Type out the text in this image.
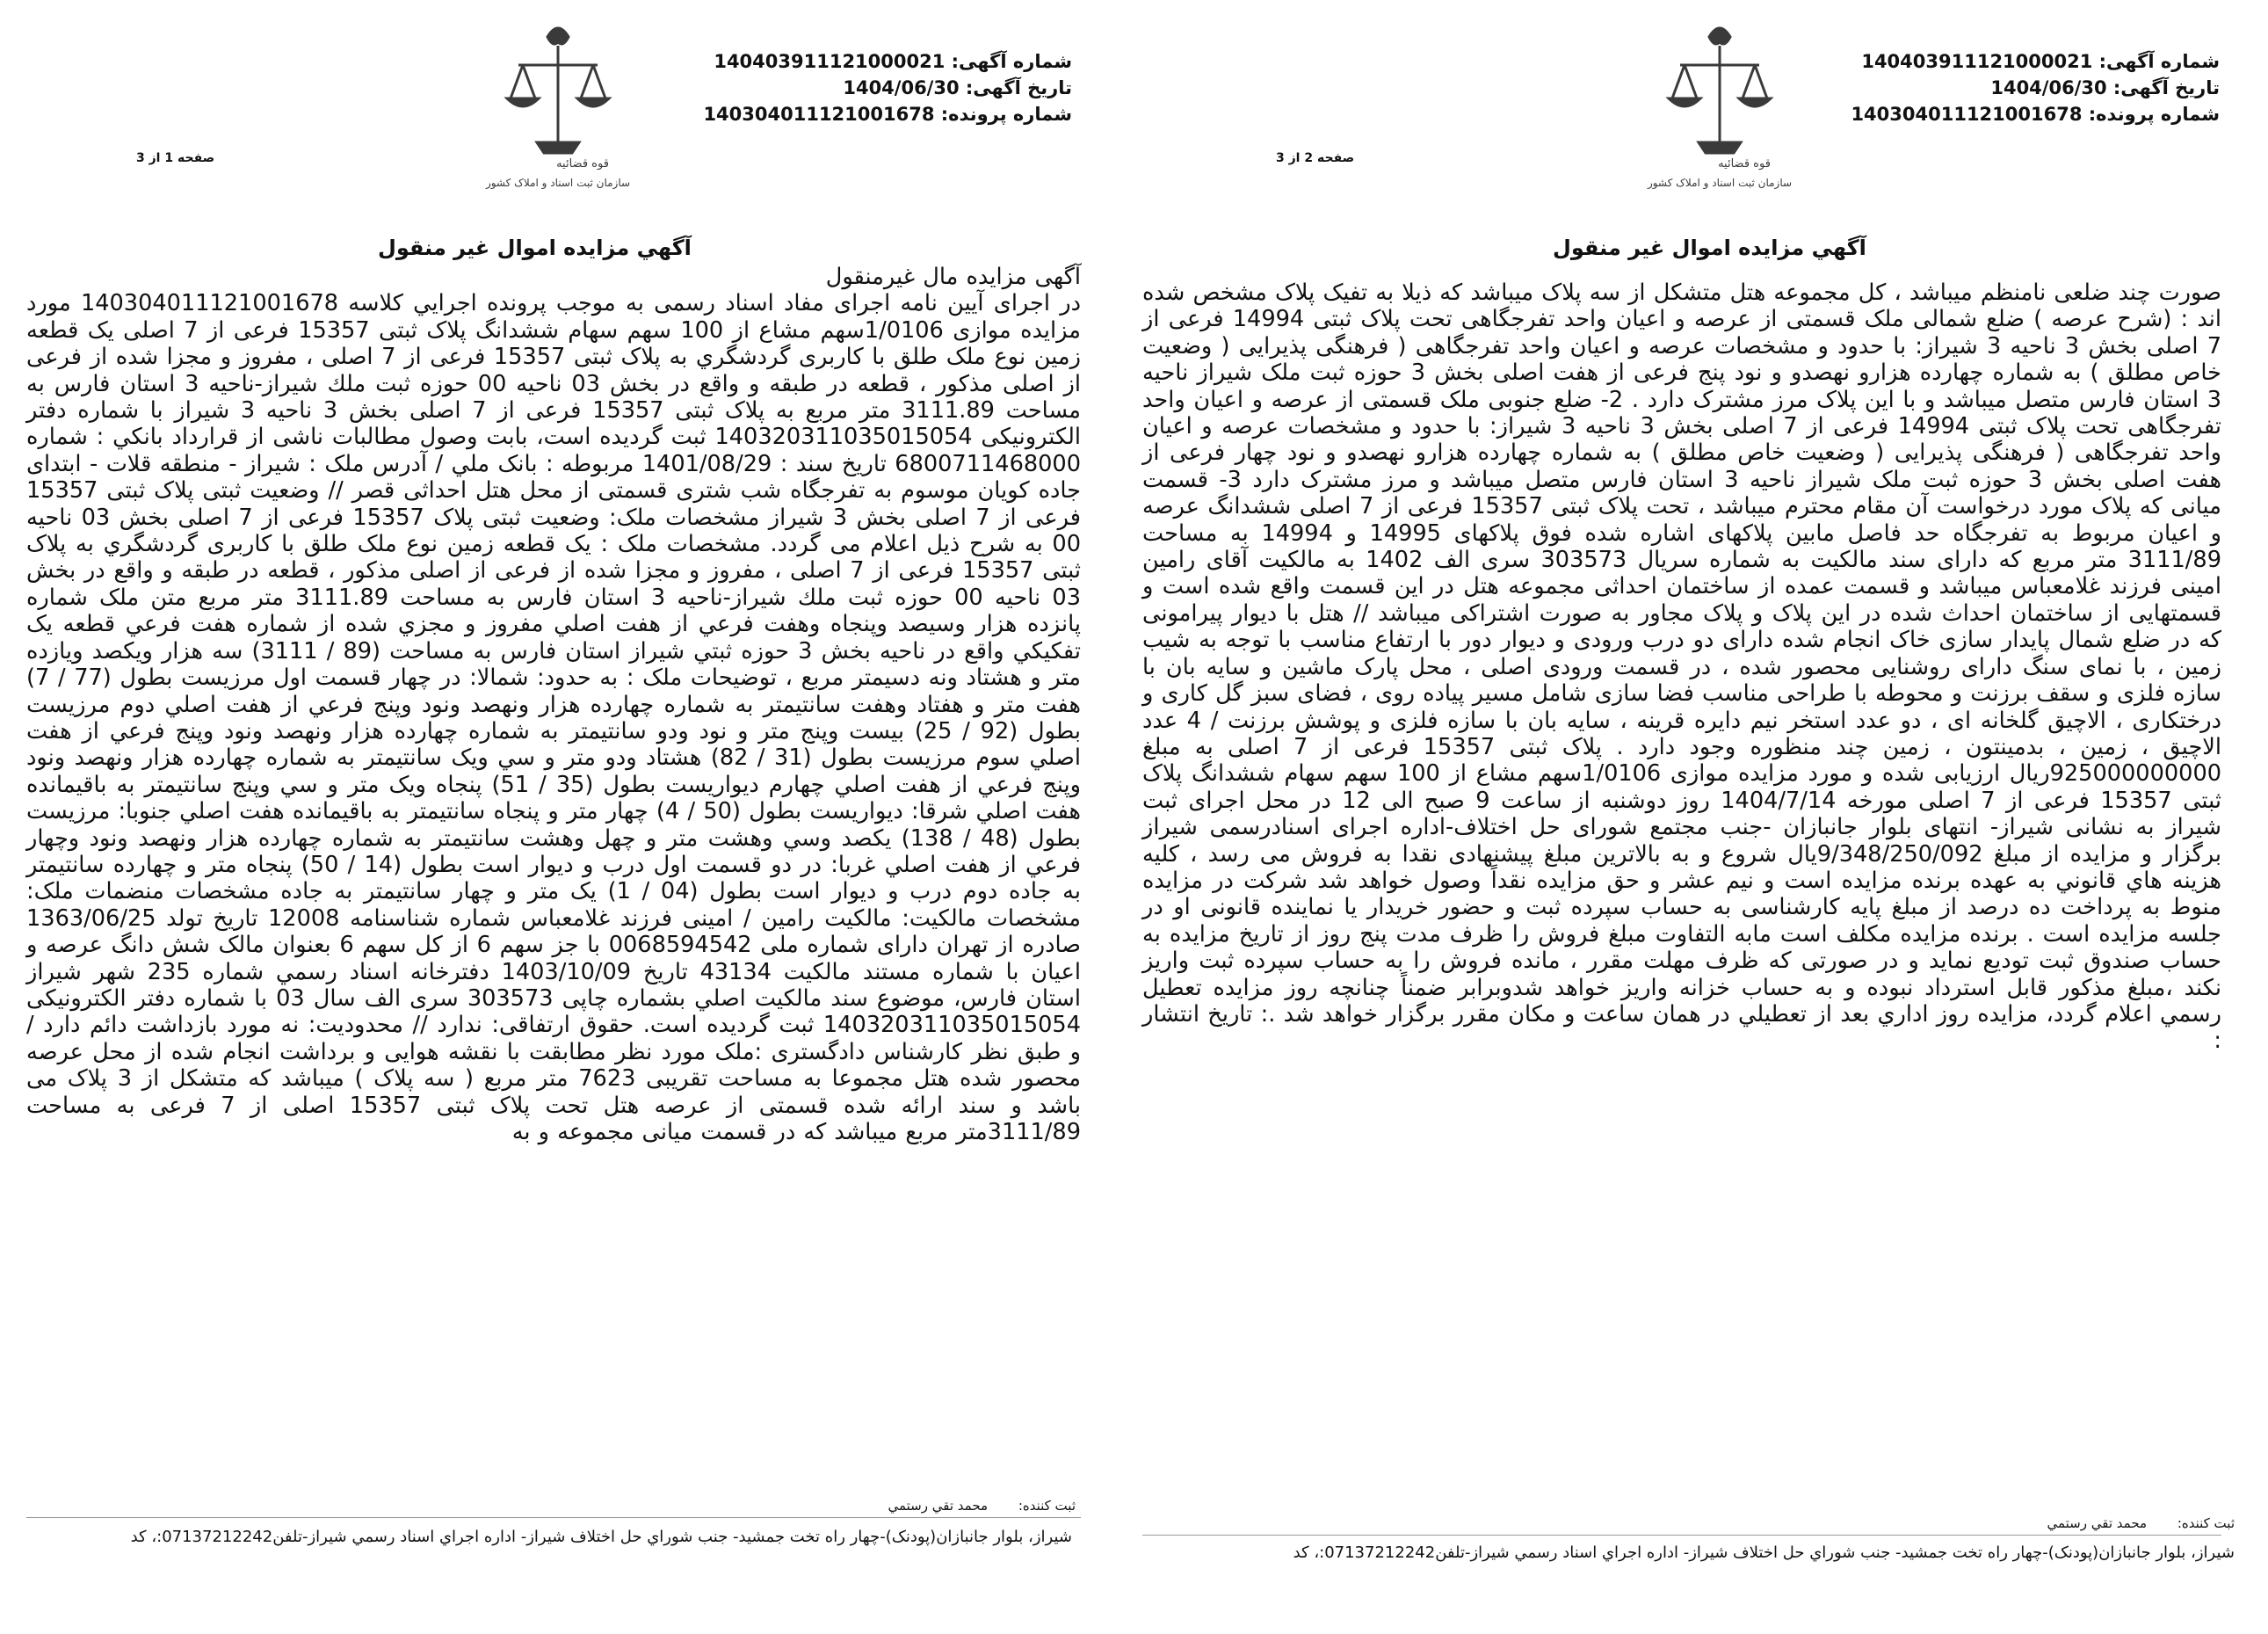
شماره آگهی: 140403911121000021
تاریخ آگهی: 1404/06/30
شماره پرونده: 140304011121001678
قوه قضائیه
سازمان ثبت اسناد و املاک کشور
صفحه 1 از 3
آگهي مزايده اموال غير منقول
آگهی مزایده مال غیرمنقول
در اجرای آیین نامه اجرای مفاد اسناد رسمی به موجب پرونده اجرايي کلاسه 140304011121001678 مورد مزایده موازی 1/0106سهم مشاع از 100 سهم سهام ششدانگ پلاک ثبتی 15357 فرعی از 7 اصلی یک قطعه زمین نوع ملک طلق با کاربری گردشگري به پلاک ثبتی 15357 فرعی از 7 اصلی ، مفروز و مجزا شده از فرعی از اصلی مذکور ، قطعه در طبقه و واقع در بخش 03 ناحیه 00 حوزه ثبت ملك شيراز-ناحيه 3 استان فارس به مساحت 3111.89 متر مربع به پلاک ثبتی 15357 فرعی از 7 اصلی بخش 3 ناحیه 3 شیراز با شماره دفتر الکترونیکی 140320311035015054 ثبت گردیده است، بابت وصول مطالبات ناشی از قرارداد بانکي : شماره 6800711468000 تاریخ سند : 1401/08/29 مربوطه : بانک ملي / آدرس ملک : شیراز - منطقه قلات - ابتدای جاده کویان موسوم به تفرجگاه شب شتری قسمتی از محل هتل احداثی قصر // وضعیت ثبتی پلاک ثبتی 15357 فرعی از 7 اصلی بخش 3 شیراز مشخصات ملک: وضعیت ثبتی پلاک 15357 فرعی از 7 اصلی بخش 03 ناحیه 00 به شرح ذیل اعلام می گردد. مشخصات ملک : یک قطعه زمین نوع ملک طلق با کاربری گردشگري به پلاک ثبتی 15357 فرعی از 7 اصلی ، مفروز و مجزا شده از فرعی از اصلی مذکور ، قطعه در طبقه و واقع در بخش 03 ناحیه 00 حوزه ثبت ملك شيراز-ناحيه 3 استان فارس به مساحت 3111.89 متر مربع متن ملک شماره پانزده هزار وسیصد وپنجاه وهفت فرعي از هفت اصلي مفروز و مجزي شده از شماره هفت فرعي قطعه يک تفکيکي واقع در ناحيه بخش 3 حوزه ثبتي شيراز استان فارس به مساحت (89 / 3111) سه هزار ويکصد ويازده متر و هشتاد ونه دسيمتر مربع ، توضیحات ملک : به حدود: شمالا: در چهار قسمت اول مرزيست بطول (77 / 7) هفت متر و هفتاد وهفت سانتيمتر به شماره چهارده هزار ونهصد ونود وپنج فرعي از هفت اصلي دوم مرزيست بطول (92 / 25) بيست وپنج متر و نود ودو سانتيمتر به شماره چهارده هزار ونهصد ونود وپنج فرعي از هفت اصلي سوم مرزيست بطول (31 / 82) هشتاد ودو متر و سي ويک سانتيمتر به شماره چهارده هزار ونهصد ونود وپنج فرعي از هفت اصلي چهارم ديواريست بطول (35 / 51) پنجاه ويک متر و سي وپنج سانتيمتر به باقيمانده هفت اصلي شرقا: ديواريست بطول (50 / 4) چهار متر و پنجاه سانتيمتر به باقيمانده هفت اصلي جنوبا: مرزيست بطول (48 / 138) يکصد وسي وهشت متر و چهل وهشت سانتيمتر به شماره چهارده هزار ونهصد ونود وچهار فرعي از هفت اصلي غربا: در دو قسمت اول درب و ديوار است بطول (14 / 50) پنجاه متر و چهارده سانتيمتر به جاده دوم درب و ديوار است بطول (04 / 1) يک متر و چهار سانتيمتر به جاده مشخصات منضمات ملک: مشخصات مالکیت: مالکیت رامین / امینی فرزند غلامعباس شماره شناسنامه 12008 تاریخ تولد 1363/06/25 صادره از تهران دارای شماره ملی 0068594542 با جز سهم 6 از کل سهم 6 بعنوان مالک شش دانگ عرصه و اعیان با شماره مستند مالکیت 43134 تاریخ 1403/10/09 دفترخانه اسناد رسمي شماره 235 شهر شیراز استان فارس، موضوع سند مالکیت اصلي بشماره چاپی 303573 سری الف سال 03 با شماره دفتر الکترونیکی 140320311035015054 ثبت گردیده است. حقوق ارتفاقی: ندارد // محدودیت: نه مورد بازداشت دائم دارد / و طبق نظر کارشناس دادگستری :ملک مورد نظر مطابقت با نقشه هوایی و برداشت انجام شده از محل عرصه محصور شده هتل مجموعا به مساحت تقریبی 7623 متر مربع ( سه پلاک ) میباشد که متشکل از 3 پلاک می باشد و سند ارائه شده قسمتی از عرصه هتل تحت پلاک ثبتی 15357 اصلی از 7 فرعی به مساحت 3111/89متر مربع میباشد که در قسمت میانی مجموعه و به
ثبت کننده: محمد تقي رستمي
شیراز، بلوار جانبازان(پودنک)-چهار راه تخت جمشید- جنب شوراي حل اختلاف شیراز- اداره اجراي اسناد رسمي شیراز-تلفن07137212242:، کد
شماره آگهی: 140403911121000021
تاریخ آگهی: 1404/06/30
شماره پرونده: 140304011121001678
قوه قضائیه
سازمان ثبت اسناد و املاک کشور
صفحه 2 از 3
آگهي مزايده اموال غير منقول
صورت چند ضلعی نامنظم میباشد ، کل مجموعه هتل متشکل از سه پلاک میباشد که ذیلا به تفیک پلاک مشخص شده اند : (شرح عرصه ) ضلع شمالی ملک قسمتی از عرصه و اعیان واحد تفرجگاهی تحت پلاک ثبتی 14994 فرعی از 7 اصلی بخش 3 ناحیه 3 شیراز: با حدود و مشخصات عرصه و اعیان واحد تفرجگاهی ( فرهنگی پذیرایی ( وضعیت خاص مطلق ) به شماره چهارده هزارو نهصدو و نود پنج فرعی از هفت اصلی بخش 3 حوزه ثبت ملک شیراز ناحیه 3 استان فارس متصل میباشد و با این پلاک مرز مشترک دارد . 2- ضلع جنوبی ملک قسمتی از عرصه و اعیان واحد تفرجگاهی تحت پلاک ثبتی 14994 فرعی از 7 اصلی بخش 3 ناحیه 3 شیراز: با حدود و مشخصات عرصه و اعیان واحد تفرجگاهی ( فرهنگی پذیرایی ( وضعیت خاص مطلق ) به شماره چهارده هزارو نهصدو و نود چهار فرعی از هفت اصلی بخش 3 حوزه ثبت ملک شیراز ناحیه 3 استان فارس متصل میباشد و مرز مشترک دارد 3- قسمت میانی که پلاک مورد درخواست آن مقام محترم میباشد ، تحت پلاک ثبتی 15357 فرعی از 7 اصلی ششدانگ عرصه و اعیان مربوط به تفرجگاه حد فاصل مابین پلاکهای اشاره شده فوق پلاکهای 14995 و 14994 به مساحت 3111/89 متر مربع که دارای سند مالکیت به شماره سریال 303573 سری الف 1402 به مالکیت آقای رامین امینی فرزند غلامعباس میباشد و قسمت عمده از ساختمان احداثی مجموعه هتل در این قسمت واقع شده است و قسمتهایی از ساختمان احداث شده در این پلاک و پلاک مجاور به صورت اشتراکی میباشد // هتل با دیوار پیرامونی که در ضلع شمال پایدار سازی خاک انجام شده دارای دو درب ورودی و دیوار دور با ارتفاع مناسب با توجه به شیب زمین ، با نمای سنگ دارای روشنایی محصور شده ، در قسمت ورودی اصلی ، محل پارک ماشین و سایه بان با سازه فلزی و سقف برزنت و محوطه با طراحی مناسب فضا سازی شامل مسیر پیاده روی ، فضای سبز گل کاری و درختکاری ، الاچیق گلخانه ای ، دو عدد استخر نیم دایره قرینه ، سایه بان با سازه فلزی و پوشش برزنت / 4 عدد الاچیق ، زمین ، بدمینتون ، زمین چند منظوره وجود دارد . پلاک ثبتی 15357 فرعی از 7 اصلی به مبلغ 925000000000ریال ارزیابی شده و مورد مزایده موازی 1/0106سهم مشاع از 100 سهم سهام ششدانگ پلاک ثبتی 15357 فرعی از 7 اصلی مورخه 1404/7/14 روز دوشنبه از ساعت 9 صبح الی 12 در محل اجرای ثبت شیراز به نشانی شیراز- انتهای بلوار جانبازان -جنب مجتمع شورای حل اختلاف-اداره اجرای اسنادرسمی شیراز برگزار و مزایده از مبلغ 9/348/250/092یال شروع و به بالاترین مبلغ پیشنهادی نقدا به فروش می رسد ، کلیه هزینه هاي قانوني به عهده برنده مزایده است و نیم عشر و حق مزایده نقداً وصول خواهد شد شرکت در مزایده منوط به پرداخت ده درصد از مبلغ پایه کارشناسی به حساب سپرده ثبت و حضور خریدار یا نماینده قانونی او در جلسه مزایده است . برنده مزایده مکلف است مابه التفاوت مبلغ فروش را ظرف مدت پنج روز از تاریخ مزایده به حساب صندوق ثبت تودیع نماید و در صورتی که ظرف مهلت مقرر ، مانده فروش را به حساب سپرده ثبت واریز نکند ،مبلغ مذکور قابل استرداد نبوده و به حساب خزانه واریز خواهد شدوبرابر ضمناً چنانچه روز مزایده تعطیل رسمي اعلام گردد، مزايده روز اداري بعد از تعطيلي در همان ساعت و مكان مقرر برگزار خواهد شد .: تاریخ انتشار :
ثبت کننده: محمد تقي رستمي
شیراز، بلوار جانبازان(پودنک)-چهار راه تخت جمشید- جنب شوراي حل اختلاف شیراز- اداره اجراي اسناد رسمي شیراز-تلفن07137212242:، کد
